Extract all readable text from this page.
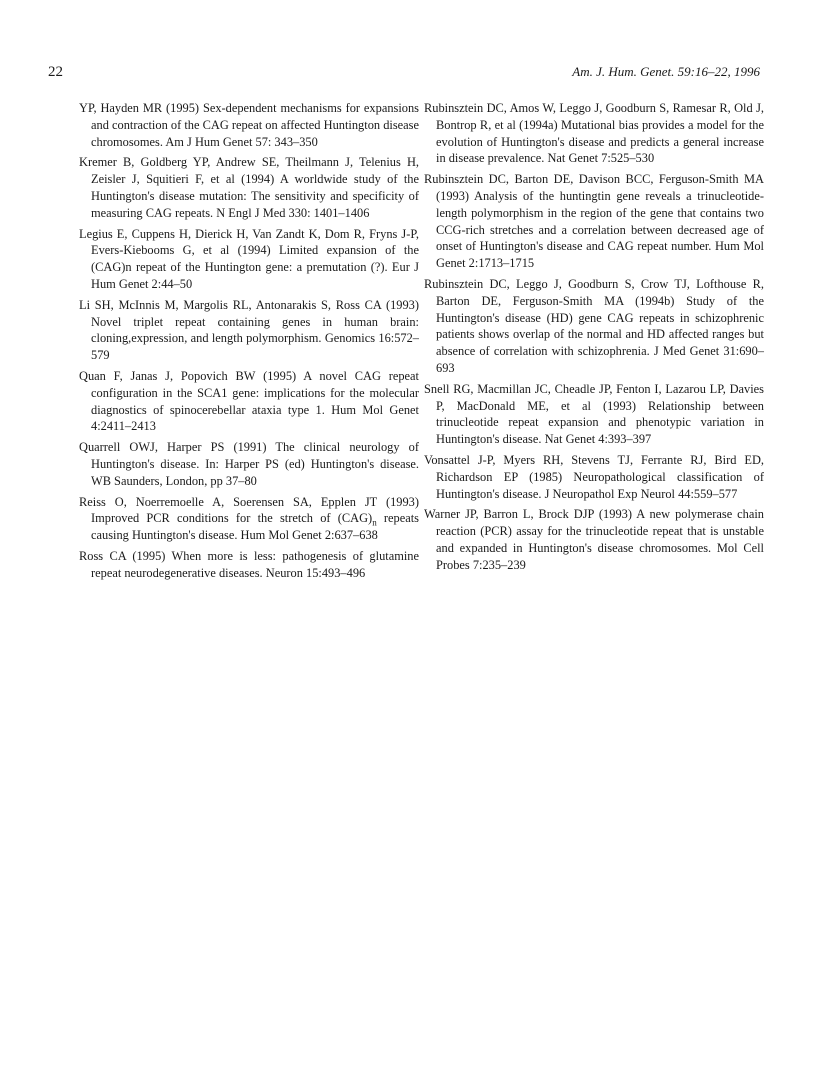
22	Am. J. Hum. Genet. 59:16–22, 1996

YP, Hayden MR (1995) Sex-dependent mechanisms for expansions and contraction of the CAG repeat on affected Huntington disease chromosomes. Am J Hum Genet 57: 343–350

Kremer B, Goldberg YP, Andrew SE, Theilmann J, Telenius H, Zeisler J, Squitieri F, et al (1994) A worldwide study of the Huntington's disease mutation: The sensitivity and specificity of measuring CAG repeats. N Engl J Med 330: 1401–1406

Legius E, Cuppens H, Dierick H, Van Zandt K, Dom R, Fryns J-P, Evers-Kiebooms G, et al (1994) Limited expansion of the (CAG)n repeat of the Huntington gene: a premutation (?). Eur J Hum Genet 2:44–50

Li SH, McInnis M, Margolis RL, Antonarakis S, Ross CA (1993) Novel triplet repeat containing genes in human brain: cloning,expression, and length polymorphism. Genomics 16:572–579

Quan F, Janas J, Popovich BW (1995) A novel CAG repeat configuration in the SCA1 gene: implications for the molecular diagnostics of spinocerebellar ataxia type 1. Hum Mol Genet 4:2411–2413

Quarrell OWJ, Harper PS (1991) The clinical neurology of Huntington's disease. In: Harper PS (ed) Huntington's disease. WB Saunders, London, pp 37–80

Reiss O, Noerremoelle A, Soerensen SA, Epplen JT (1993) Improved PCR conditions for the stretch of $(CAG)_n$ repeats causing Huntington's disease. Hum Mol Genet 2:637–638

Ross CA (1995) When more is less: pathogenesis of glutamine repeat neurodegenerative diseases. Neuron 15:493–496

Rubinsztein DC, Amos W, Leggo J, Goodburn S, Ramesar R, Old J, Bontrop R, et al (1994a) Mutational bias provides a model for the evolution of Huntington's disease and predicts a general increase in disease prevalence. Nat Genet 7:525–530

Rubinsztein DC, Barton DE, Davison BCC, Ferguson-Smith MA (1993) Analysis of the huntingtin gene reveals a trinucleotide-length polymorphism in the region of the gene that contains two CCG-rich stretches and a correlation between decreased age of onset of Huntington's disease and CAG repeat number. Hum Mol Genet 2:1713–1715

Rubinsztein DC, Leggo J, Goodburn S, Crow TJ, Lofthouse R, Barton DE, Ferguson-Smith MA (1994b) Study of the Huntington's disease (HD) gene CAG repeats in schizophrenic patients shows overlap of the normal and HD affected ranges but absence of correlation with schizophrenia. J Med Genet 31:690–693

Snell RG, Macmillan JC, Cheadle JP, Fenton I, Lazarou LP, Davies P, MacDonald ME, et al (1993) Relationship between trinucleotide repeat expansion and phenotypic variation in Huntington's disease. Nat Genet 4:393–397

Vonsattel J-P, Myers RH, Stevens TJ, Ferrante RJ, Bird ED, Richardson EP (1985) Neuropathological classification of Huntington's disease. J Neuropathol Exp Neurol 44:559–577

Warner JP, Barron L, Brock DJP (1993) A new polymerase chain reaction (PCR) assay for the trinucleotide repeat that is unstable and expanded in Huntington's disease chromosomes. Mol Cell Probes 7:235–239
